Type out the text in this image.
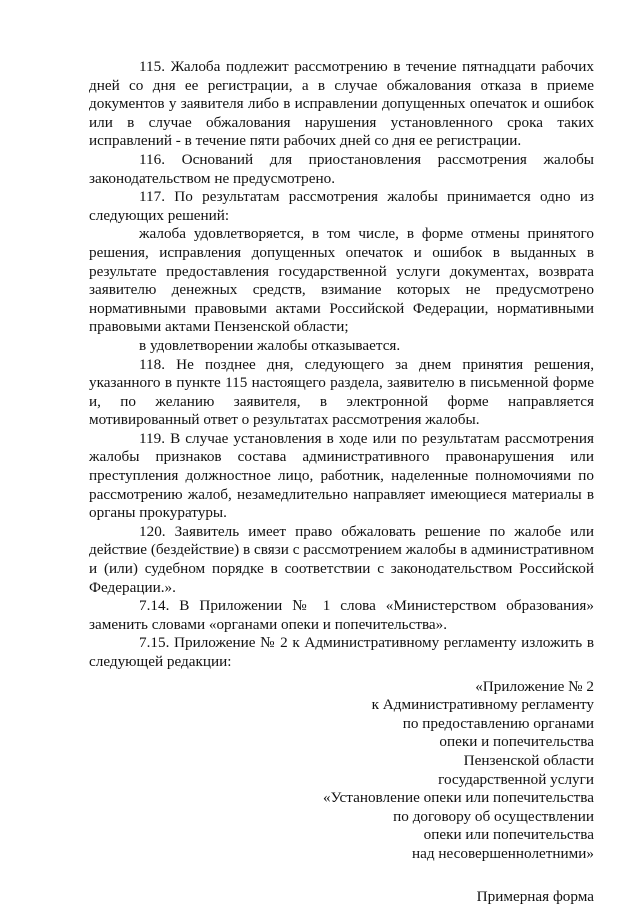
115. Жалоба подлежит рассмотрению в течение пятнадцати рабочих дней со дня ее регистрации, а в случае обжалования отказа в приеме документов у заявителя либо в исправлении допущенных опечаток и ошибок или в случае обжалования нарушения установленного срока таких исправлений - в течение пяти рабочих дней со дня ее регистрации.

116. Оснований для приостановления рассмотрения жалобы законодательством не предусмотрено.

117. По результатам рассмотрения жалобы принимается одно из следующих решений:

жалоба удовлетворяется, в том числе, в форме отмены принятого решения, исправления допущенных опечаток и ошибок в выданных в результате предоставления государственной услуги документах, возврата заявителю денежных средств, взимание которых не предусмотрено нормативными правовыми актами Российской Федерации, нормативными правовыми актами Пензенской области;

в удовлетворении жалобы отказывается.

118. Не позднее дня, следующего за днем принятия решения, указанного в пункте 115 настоящего раздела, заявителю в письменной форме и, по желанию заявителя, в электронной форме направляется мотивированный ответ о результатах рассмотрения жалобы.

119. В случае установления в ходе или по результатам рассмотрения жалобы признаков состава административного правонарушения или преступления должностное лицо, работник, наделенные полномочиями по рассмотрению жалоб, незамедлительно направляет имеющиеся материалы в органы прокуратуры.

120. Заявитель имеет право обжаловать решение по жалобе или действие (бездействие) в связи с рассмотрением жалобы в административном и (или) судебном порядке в соответствии с законодательством Российской Федерации.».

7.14. В Приложении № 1 слова «Министерством образования» заменить словами «органами опеки и попечительства».

7.15. Приложение № 2 к Административному регламенту изложить в следующей редакции:

«Приложение № 2

к Административному регламенту

по предоставлению органами

опеки и попечительства

Пензенской области

государственной услуги

«Установление опеки или попечительства

по договору об осуществлении

опеки или попечительства

над несовершеннолетними»

Примерная форма
